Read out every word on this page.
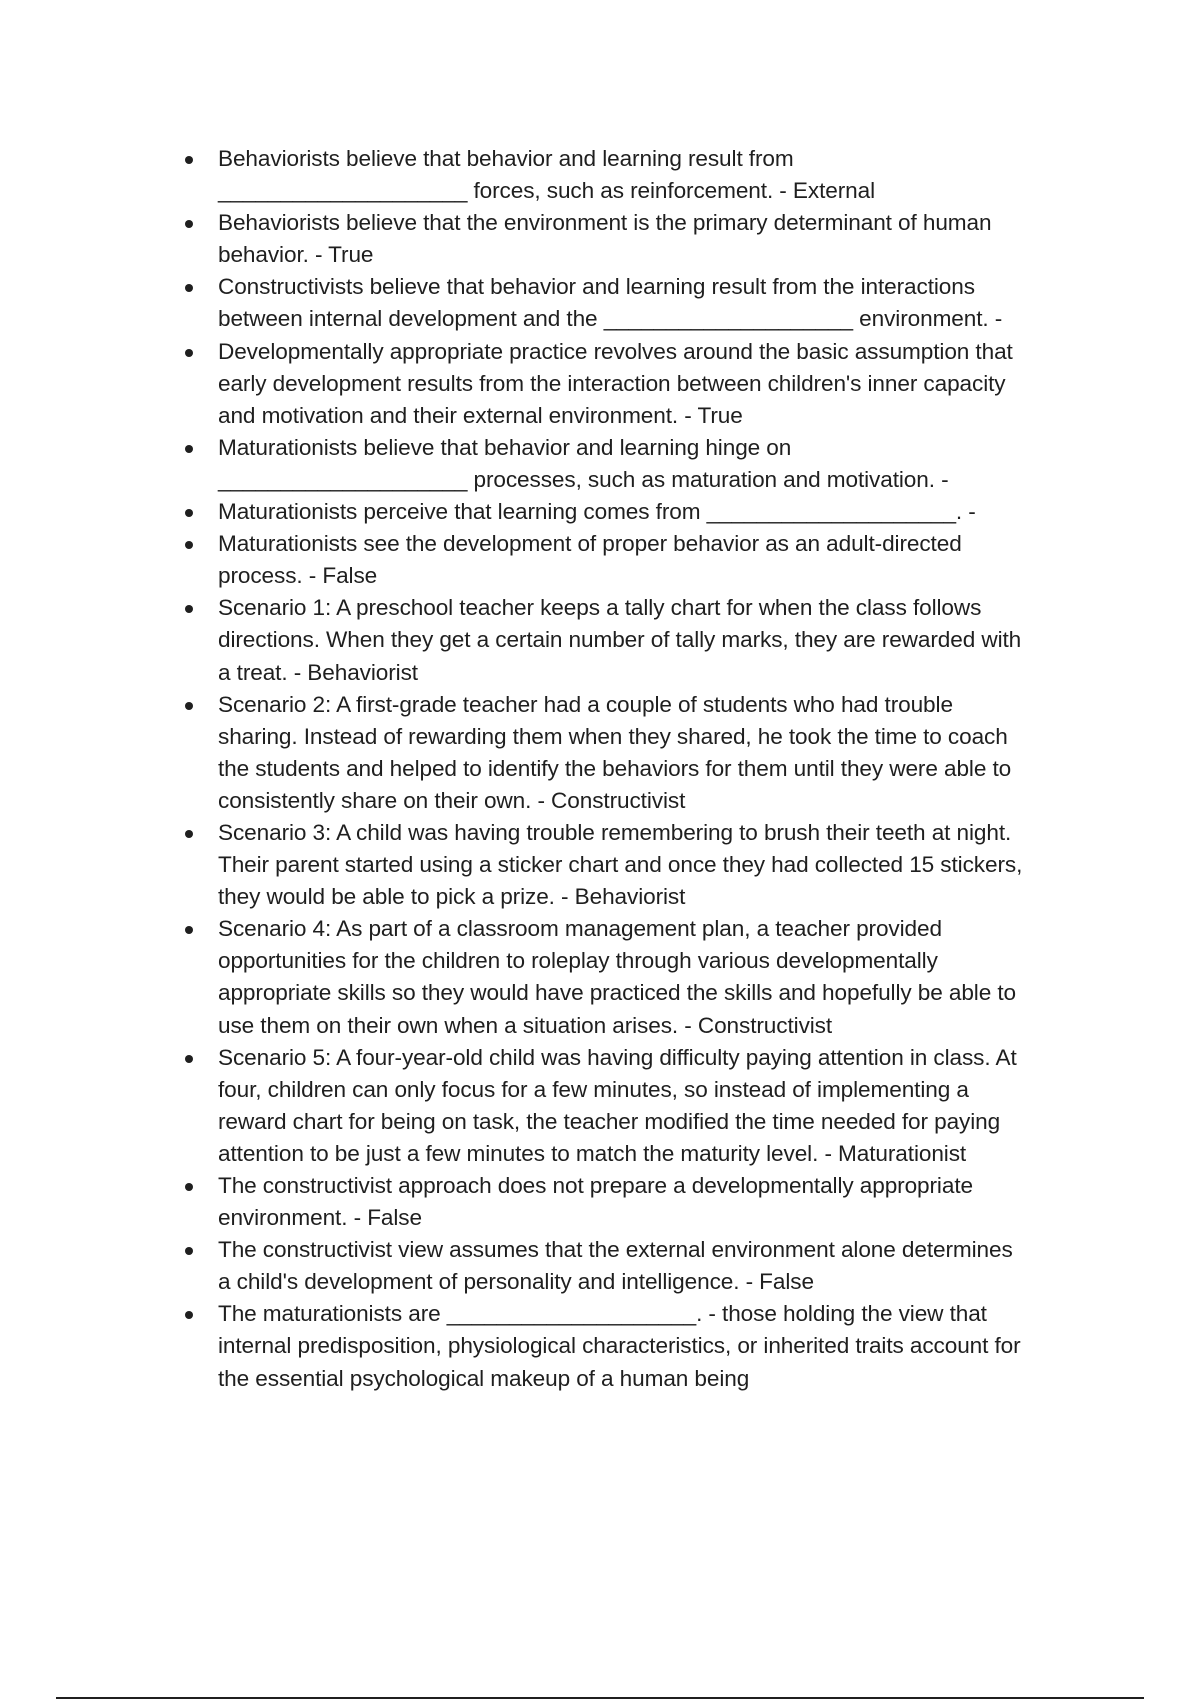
Behaviorists believe that behavior and learning result from
____________________ forces, such as reinforcement. - External
Behaviorists believe that the environment is the primary determinant of human
behavior. - True
Constructivists believe that behavior and learning result from the interactions
between internal development and the ____________________ environment. -
Developmentally appropriate practice revolves around the basic assumption that
early development results from the interaction between children's inner capacity
and motivation and their external environment. - True
Maturationists believe that behavior and learning hinge on
____________________ processes, such as maturation and motivation. -
Maturationists perceive that learning comes from ____________________. -
Maturationists see the development of proper behavior as an adult-directed
process. - False
Scenario 1: A preschool teacher keeps a tally chart for when the class follows
directions. When they get a certain number of tally marks, they are rewarded with
a treat. - Behaviorist
Scenario 2: A first-grade teacher had a couple of students who had trouble
sharing. Instead of rewarding them when they shared, he took the time to coach
the students and helped to identify the behaviors for them until they were able to
consistently share on their own. - Constructivist
Scenario 3: A child was having trouble remembering to brush their teeth at night.
Their parent started using a sticker chart and once they had collected 15 stickers,
they would be able to pick a prize. - Behaviorist
Scenario 4: As part of a classroom management plan, a teacher provided
opportunities for the children to roleplay through various developmentally
appropriate skills so they would have practiced the skills and hopefully be able to
use them on their own when a situation arises. - Constructivist
Scenario 5: A four-year-old child was having difficulty paying attention in class. At
four, children can only focus for a few minutes, so instead of implementing a
reward chart for being on task, the teacher modified the time needed for paying
attention to be just a few minutes to match the maturity level. - Maturationist
The constructivist approach does not prepare a developmentally appropriate
environment. - False
The constructivist view assumes that the external environment alone determines
a child's development of personality and intelligence. - False
The maturationists are ____________________. - those holding the view that
internal predisposition, physiological characteristics, or inherited traits account for
the essential psychological makeup of a human being
